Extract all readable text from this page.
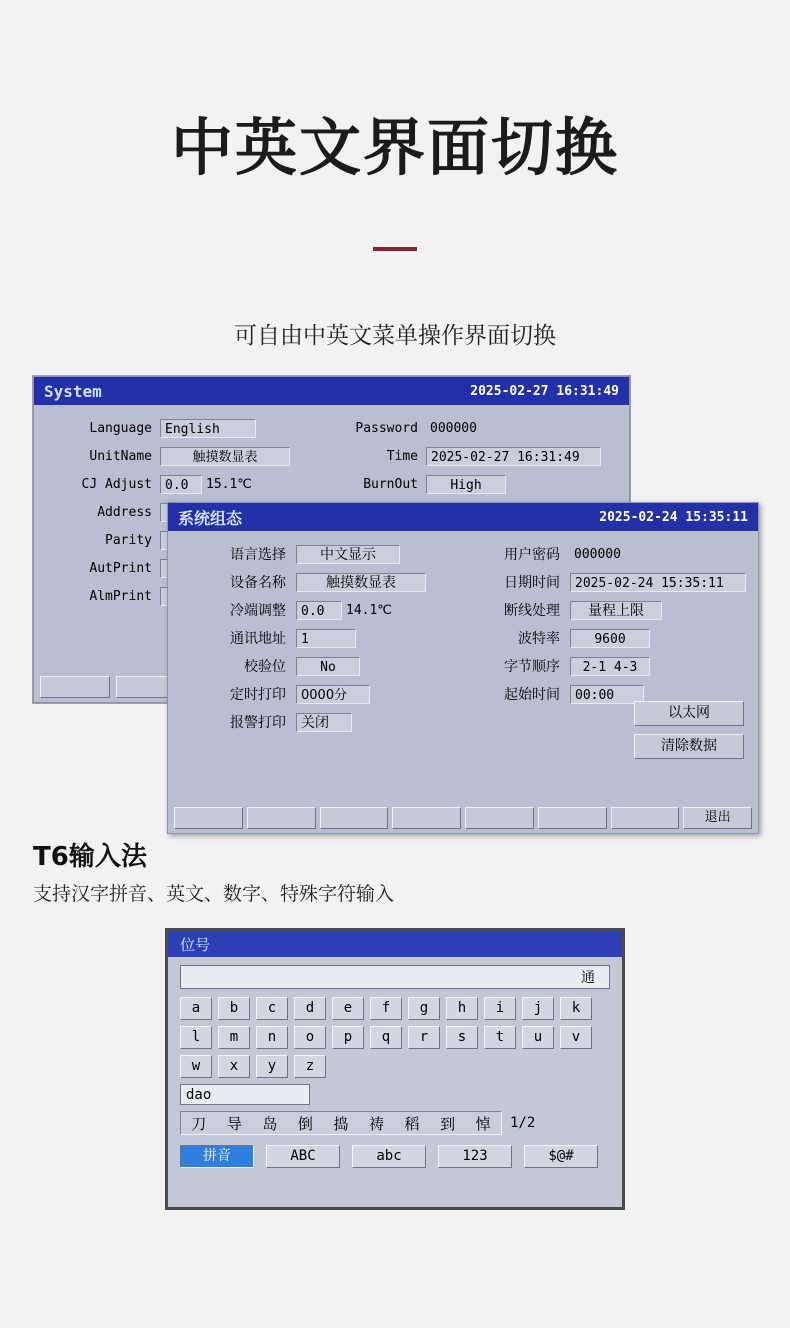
中英文界面切换
可自由中英文菜单操作界面切换
System	2025-02-27 16:31:49
Language	English	Password 000000
UnitName	触摸数显表	Time	2025-02-27 16:31:49
CJ Adjust	0.0	15.1℃	BurnOut	High
Address
Parity
AutPrint
AlmPrint
系统组态	2025-02-24 15:35:11
语言选择	中文显示	用户密码	000000
设备名称	触摸数显表	日期时间	2025-02-24 15:35:11
冷端调整	0.0	14.1℃	断线处理	量程上限
通讯地址	1	波特率	9600
校验位	No	字节顺序	2-1 4-3
定时打印	0000分	起始时间	00:00
报警打印	关闭
以太网
清除数据
退出
T6输入法
支持汉字拼音、英文、数字、特殊字符输入
位号
通
a	b	c	d	e	f	g	h	i	j	k
l	m	n	o	p	q	r	s	t	u	v
w	x	y	z
dao
刀 导 岛 倒 捣 祷 稻 到 悼 1/2
拼音	ABC	abc	123	$@#
